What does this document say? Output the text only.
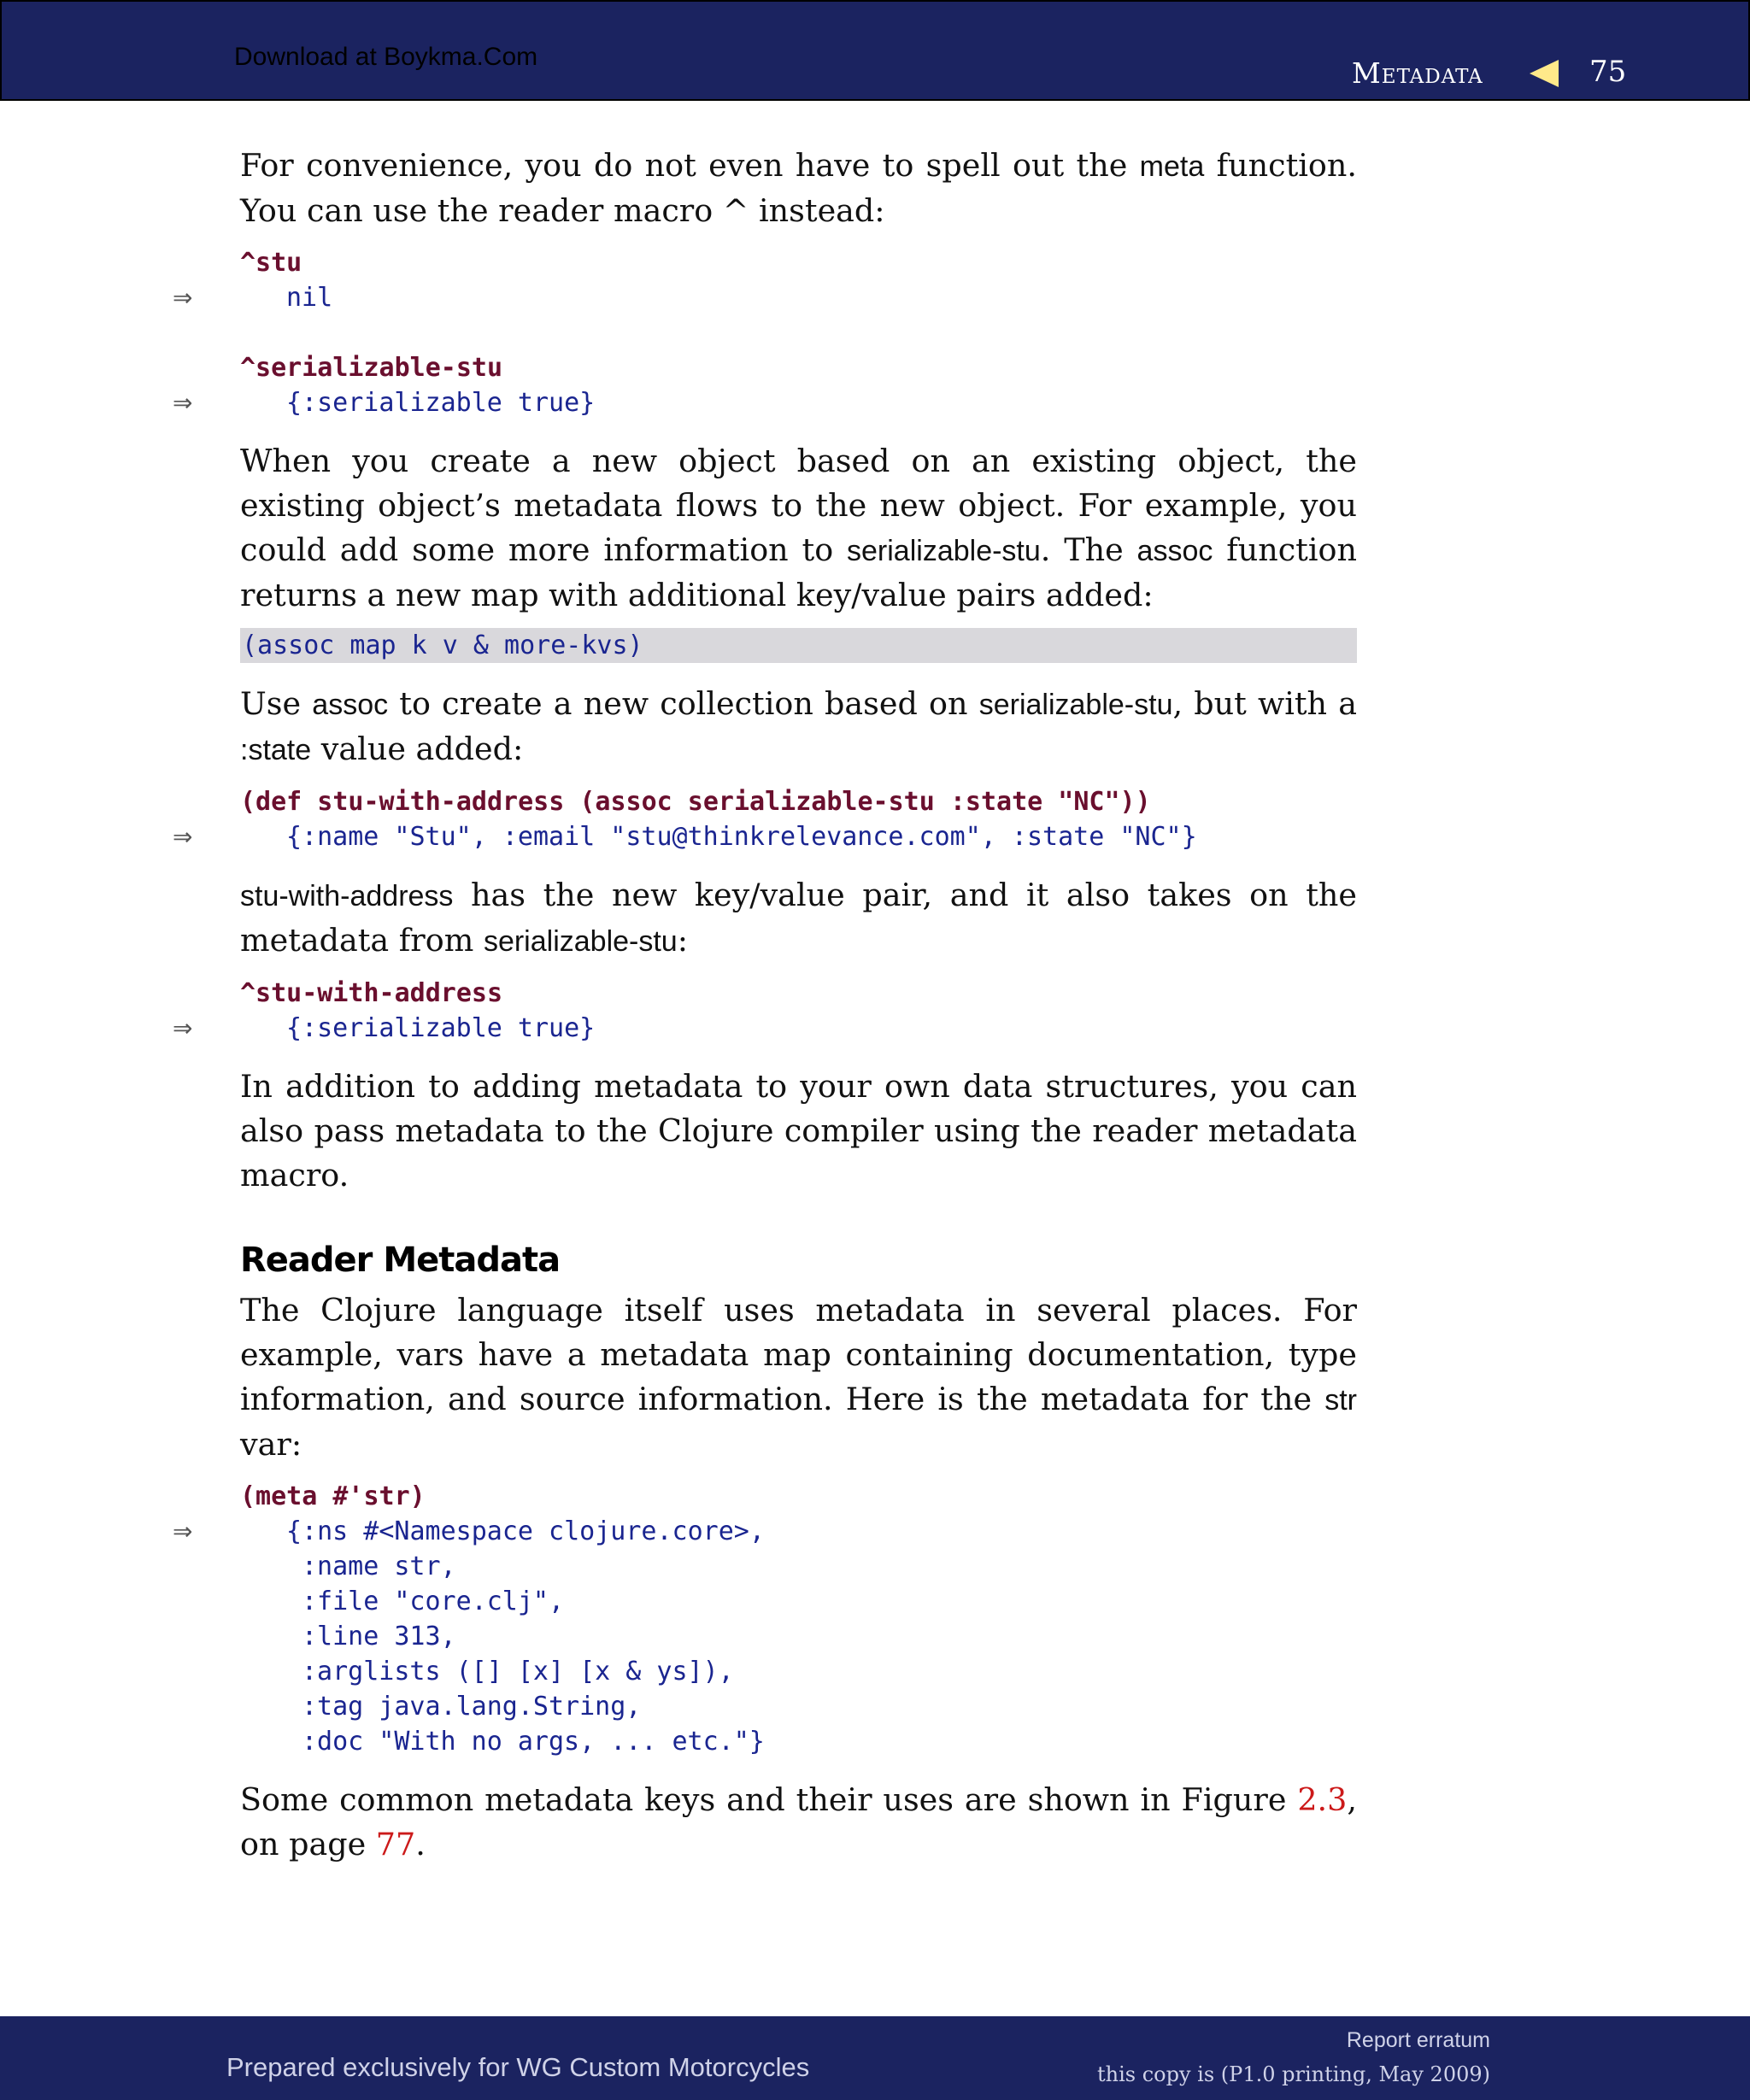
Download at Boykma.Com	Metadata	75

For convenience, you do not even have to spell out the meta function. You can use the reader macro ^ instead:

^stu
⇒	nil
^serializable-stu
⇒	{:serializable true}

When you create a new object based on an existing object, the existing object’s metadata flows to the new object. For example, you could add some more information to serializable-stu. The assoc function returns a new map with additional key/value pairs added:

(assoc map k v & more-kvs)

Use assoc to create a new collection based on serializable-stu, but with a :state value added:

(def stu-with-address (assoc serializable-stu :state "NC"))
⇒	{:name "Stu", :email "stu@thinkrelevance.com", :state "NC"}

stu-with-address has the new key/value pair, and it also takes on the metadata from serializable-stu:

^stu-with-address
⇒	{:serializable true}

In addition to adding metadata to your own data structures, you can also pass metadata to the Clojure compiler using the reader metadata macro.

Reader Metadata

The Clojure language itself uses metadata in several places. For example, vars have a metadata map containing documentation, type information, and source information. Here is the metadata for the str var:

(meta #'str)
⇒	{:ns #<Namespace clojure.core>,
:name str,
:file "core.clj",
:line 313,
:arglists ([] [x] [x & ys]),
:tag java.lang.String,
:doc "With no args, ... etc."}

Some common metadata keys and their uses are shown in Figure 2.3, on page 77.

Prepared exclusively for WG Custom Motorcycles
Report erratum
this copy is (P1.0 printing, May 2009)
